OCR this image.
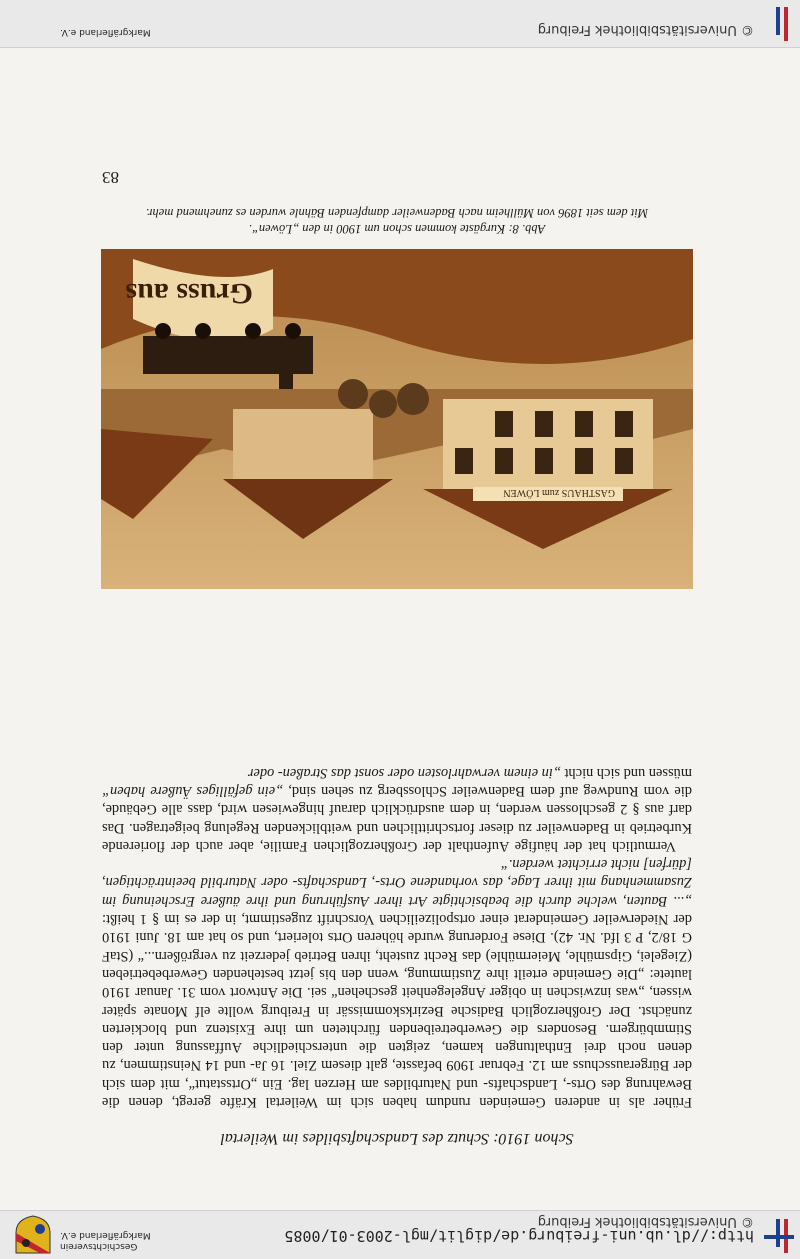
http://dl.ub.uni-freiburg.de/diglit/mgl-2003-01/0085
© Universitätsbibliothek Freiburg
Geschichtsverein
Markgräflerland e.V.
Schon 1910: Schutz des Landschaftsbildes im Weilertal

Früher als in anderen Gemeinden rundum haben sich im Weilertal Kräfte geregt, denen die Bewahrung des Orts-, Landschafts- und Naturbildes am Herzen lag. Ein „Ortsstatut“, mit dem sich der Bürgerausschuss am 12. Februar 1909 befasste, galt diesem Ziel. 16 Ja- und 14 Neinstimmen, zu denen noch drei Enthaltungen kamen, zeigten die unterschiedliche Auffassung unter den Stimmbürgern. Besonders die Gewerbetreibenden fürchteten um ihre Existenz und blockierten zunächst. Der Großherzoglich Badische Bezirkskommissär in Freiburg wollte elf Monate später wissen, „was inzwischen in obiger Angelegenheit geschehen“ sei. Die Antwort vom 31. Januar 1910 lautete: „Die Gemeinde erteilt ihre Zustimmung, wenn den bis jetzt bestehenden Gewerbebetrieben (Ziegelei, Gipsmühle, Meiermühle) das Recht zusteht, ihren Betrieb jederzeit zu vergrößern...“ (StaF G 18/2, P 3 lfd. Nr. 42). Diese Forderung wurde höheren Orts toleriert, und so hat am 18. Juni 1910 der Niederweiler Gemeinderat einer ortspolizeilichen Vorschrift zugestimmt, in der es im § 1 heißt: „... Bauten, welche durch die beabsichtigte Art ihrer Ausführung und ihre äußere Erscheinung im Zusammenhang mit ihrer Lage, das vorhandene Orts-, Landschafts- oder Naturbild beeinträchtigen, [dürfen] nicht errichtet werden.“

Vermutlich hat der häufige Aufenthalt der Großherzoglichen Familie, aber auch der florierende Kurbetrieb in Badenweiler zu dieser fortschrittlichen und weitblickenden Regelung beigetragen. Das darf aus § 2 geschlossen werden, in dem ausdrücklich darauf hingewiesen wird, dass alle Gebäude, die vom Rundweg auf dem Badenweiler Schlossberg zu sehen sind, „ein gefälliges Äußere haben“ müssen und sich nicht „in einem verwahrlosten oder sonst das Straßen- oder

Gruss aus
GASTHAUS zum LÖWEN
Abb. 8: Kurgäste kommen schon um 1900 in den „Löwen“.
Mit dem seit 1896 von Müllheim nach Badenweiler dampfenden Bähnle wurden es zunehmend mehr.
83
© Universitätsbibliothek Freiburg
Markgräflerland e.V.
